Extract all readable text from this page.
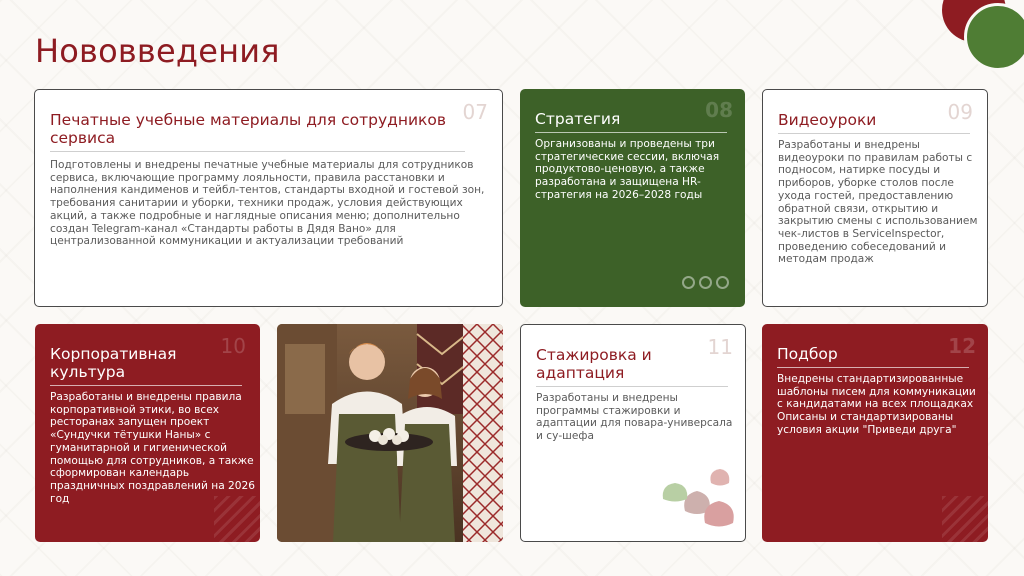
Нововведения
07
Печатные учебные материалы для сотрудников сервиса
Подготовлены и внедрены печатные учебные материалы для сотрудников сервиса, включающие программу лояльности, правила расстановки и наполнения кандименов и тейбл-тентов, стандарты входной и гостевой зон, требования санитарии и уборки, техники продаж, условия действующих акций, а также подробные и наглядные описания меню; дополнительно создан Telegram-канал «Стандарты работы в Дядя Вано» для централизованной коммуникации и актуализации требований
08
Стратегия
Организованы и проведены три стратегические сессии, включая продуктово-ценовую, а также разработана и защищена HR-стратегия на 2026–2028 годы
09
Видеоуроки
Разработаны и внедрены видеоуроки по правилам работы с подносом, натирке посуды и приборов, уборке столов после ухода гостей, предоставлению обратной связи, открытию и закрытию смены с использованием чек-листов в ServiceInspector, проведению собеседований и методам продаж
10
Корпоративная культура
Разработаны и внедрены правила корпоративной этики, во всех ресторанах запущен проект «Сундучки тётушки Наны» с гуманитарной и гигиенической помощью для сотрудников, а также сформирован календарь праздничных поздравлений на 2026 год
11
Стажировка и адаптация
Разработаны и внедрены программы стажировки и адаптации для повара-универсала и су-шефа
12
Подбор
Внедрены стандартизированные шаблоны писем для коммуникации с кандидатами на всех площадках Описаны и стандартизированы условия акции "Приведи друга"
